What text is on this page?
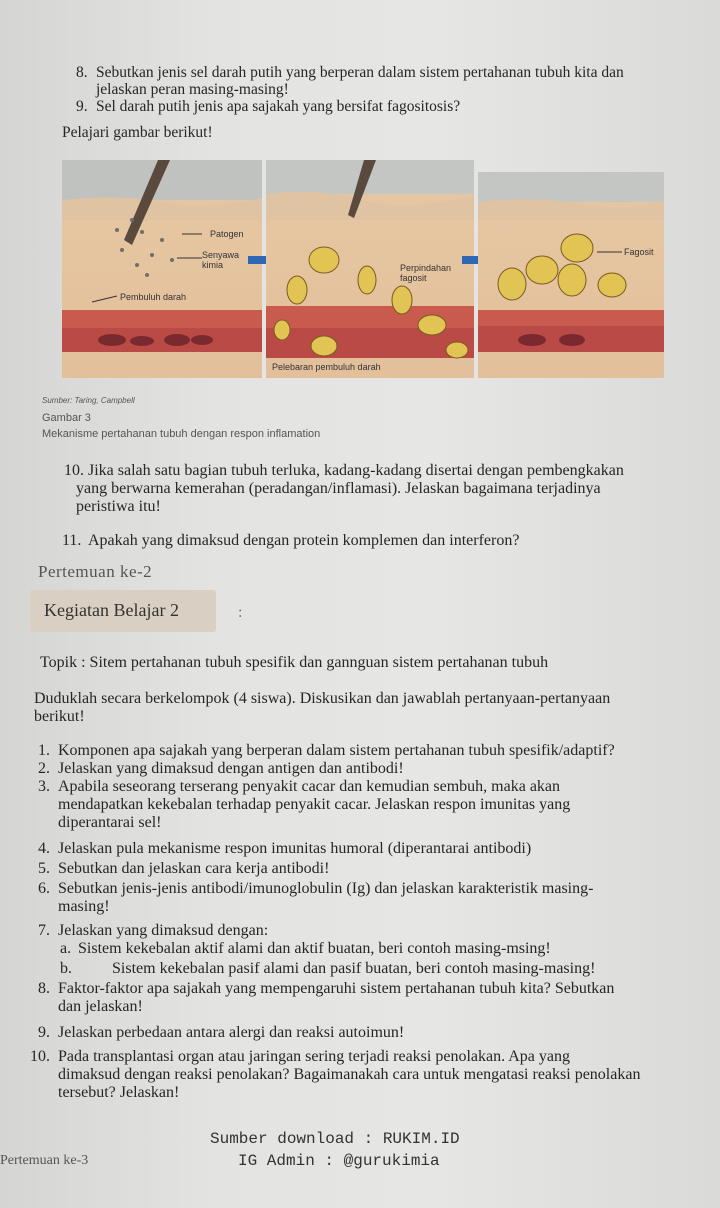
8. Sebutkan jenis sel darah putih yang berperan dalam sistem pertahanan tubuh kita dan
jelaskan peran masing-masing!
9. Sel darah putih jenis apa sajakah yang bersifat fagositosis?
Pelajari gambar berikut!
Patogen
Senyawa
kimia
Pembuluh darah
Perpindahan
fagosit
Pelebaran pembuluh darah
Fagosit
Sumber: Taring, Campbell
Gambar 3
Mekanisme pertahanan tubuh dengan respon inflamation
10. Jika salah satu bagian tubuh terluka, kadang-kadang disertai dengan pembengkakan
yang berwarna kemerahan (peradangan/inflamasi). Jelaskan bagaimana terjadinya
peristiwa itu!
11. Apakah yang dimaksud dengan protein komplemen dan interferon?
Pertemuan ke-2
Kegiatan Belajar 2	:
Topik : Sitem pertahanan tubuh spesifik dan gannguan sistem pertahanan tubuh
Duduklah secara berkelompok (4 siswa). Diskusikan dan jawablah pertanyaan-pertanyaan
berikut!
1. Komponen apa sajakah yang berperan dalam sistem pertahanan tubuh spesifik/adaptif?
2. Jelaskan yang dimaksud dengan antigen dan antibodi!
3. Apabila seseorang terserang penyakit cacar dan kemudian sembuh, maka akan
mendapatkan kekebalan terhadap penyakit cacar. Jelaskan respon imunitas yang
diperantarai sel!
4. Jelaskan pula mekanisme respon imunitas humoral (diperantarai antibodi)
5. Sebutkan dan jelaskan cara kerja antibodi!
6. Sebutkan jenis-jenis antibodi/imunoglobulin (Ig) dan jelaskan karakteristik masing-
masing!
7. Jelaskan yang dimaksud dengan:
a. Sistem kekebalan aktif alami dan aktif buatan, beri contoh masing-msing!
b.	Sistem kekebalan pasif alami dan pasif buatan, beri contoh masing-masing!
8. Faktor-faktor apa sajakah yang mempengaruhi sistem pertahanan tubuh kita? Sebutkan
dan jelaskan!
9. Jelaskan perbedaan antara alergi dan reaksi autoimun!
10. Pada transplantasi organ atau jaringan sering terjadi reaksi penolakan. Apa yang
dimaksud dengan reaksi penolakan? Bagaimanakah cara untuk mengatasi reaksi penolakan
tersebut? Jelaskan!
Sumber download : RUKIM.ID
IG Admin : @gurukimia
Pertemuan ke-3
